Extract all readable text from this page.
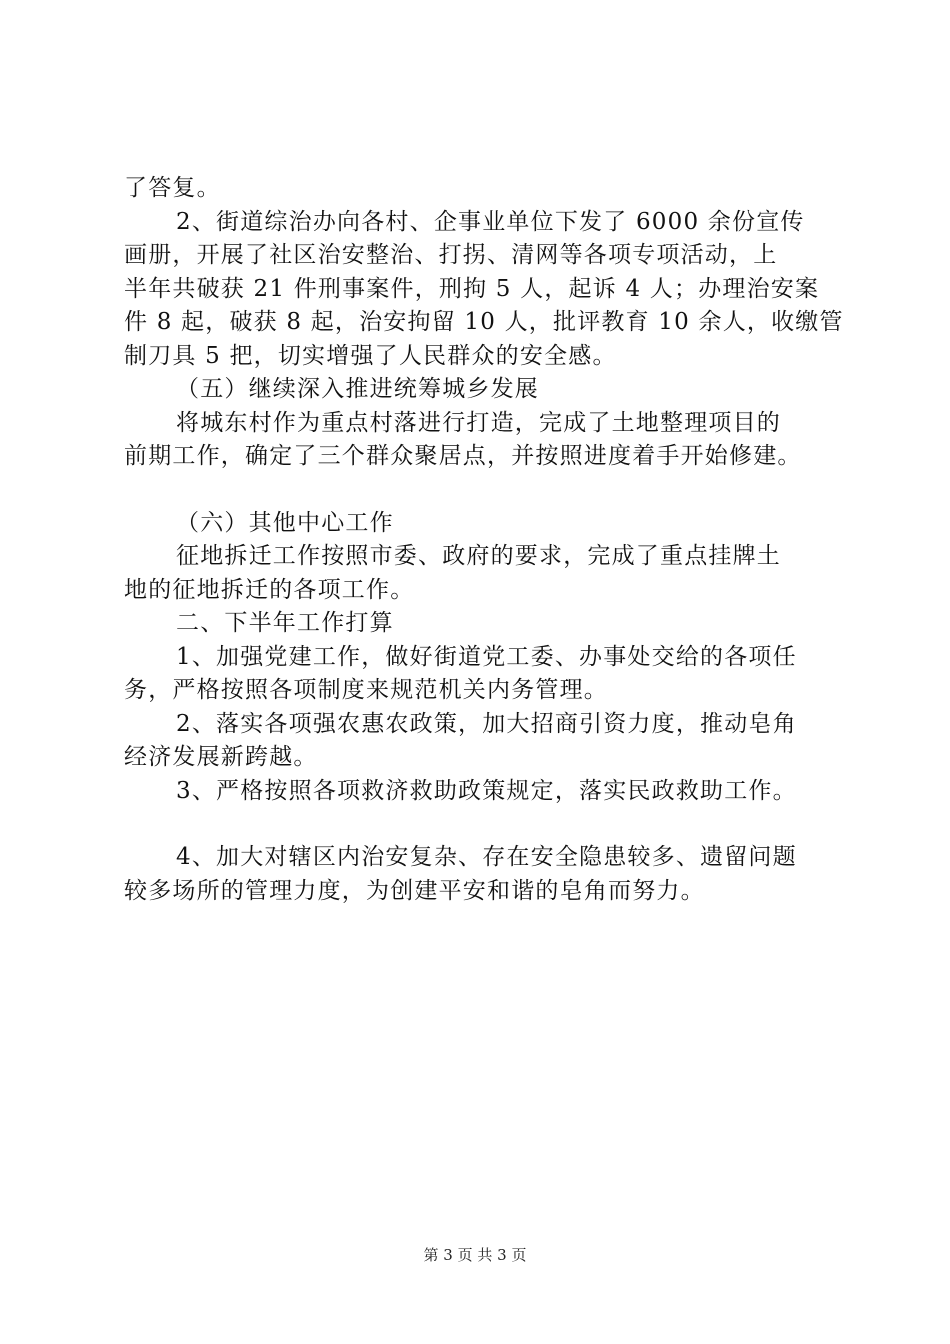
了答复。
2、街道综治办向各村、企事业单位下发了 6000 余份宣传
画册，开展了社区治安整治、打拐、清网等各项专项活动，上
半年共破获 21 件刑事案件，刑拘 5 人，起诉 4 人；办理治安案
件 8 起，破获 8 起，治安拘留 10 人，批评教育 10 余人，收缴管
制刀具 5 把，切实增强了人民群众的安全感。
（五）继续深入推进统筹城乡发展
将城东村作为重点村落进行打造，完成了土地整理项目的
前期工作，确定了三个群众聚居点，并按照进度着手开始修建。
（六）其他中心工作
征地拆迁工作按照市委、政府的要求，完成了重点挂牌土
地的征地拆迁的各项工作。
二、下半年工作打算
1、加强党建工作，做好街道党工委、办事处交给的各项任
务，严格按照各项制度来规范机关内务管理。
2、落实各项强农惠农政策，加大招商引资力度，推动皂角
经济发展新跨越。
3、严格按照各项救济救助政策规定，落实民政救助工作。
4、加大对辖区内治安复杂、存在安全隐患较多、遗留问题
较多场所的管理力度，为创建平安和谐的皂角而努力。
第 3 页 共 3 页
